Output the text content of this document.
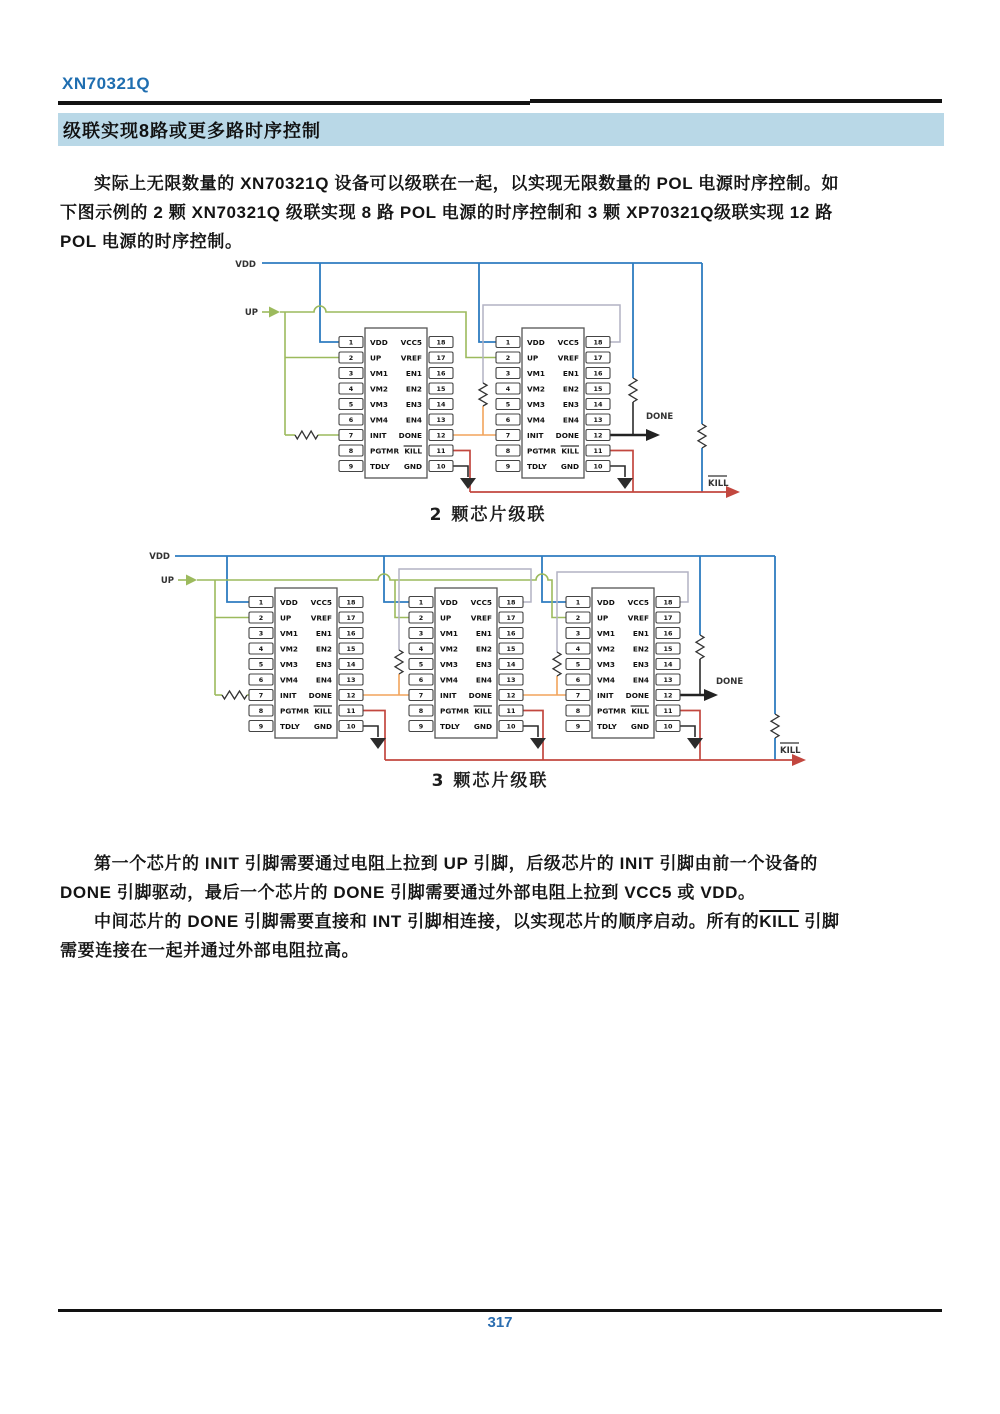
XN70321Q
级联实现8路或更多路时序控制
实际上无限数量的 XN70321Q 设备可以级联在一起，以实现无限数量的 POL 电源时序控制。如
下图示例的 2 颗 XN70321Q 级联实现 8 路 POL 电源的时序控制和 3 颗 XP70321Q级联实现 12 路
POL 电源的时序控制。
1 VDD	18
VCC5
2 UP	17
VREF
3 VM1	16
EN1
4 VM2	15
EN2
5 VM3	14
EN3
6 VM4	13
EN4
7 INIT	12
DONE
8 PGTMR	11
KILL
9 TDLY	10
GND
1 VDD	18
VCC5
2 UP	17
VREF
3 VM1	16
EN1
4 VM2	15
EN2
5 VM3	14
EN3
6 VM4	13
EN4
7 INIT	12
DONE
8 PGTMR	11
KILL
9 TDLY	10
GND
VDD
UP
DONE
KILL
2 颗芯片级联
1 VDD	18
VCC5
2 UP	17
VREF
3 VM1	16
EN1
4 VM2	15
EN2
5 VM3	14
EN3
6 VM4	13
EN4
7 INIT	12
DONE
8 PGTMR	11
KILL
9 TDLY	10
GND
1 VDD	18
VCC5
2 UP	17
VREF
3 VM1	16
EN1
4 VM2	15
EN2
5 VM3	14
EN3
6 VM4	13
EN4
7 INIT	12
DONE
8 PGTMR	11
KILL
9 TDLY	10
GND
1 VDD	18
VCC5
2 UP	17
VREF
3 VM1	16
EN1
4 VM2	15
EN2
5 VM3	14
EN3
6 VM4	13
EN4
7 INIT	12
DONE
8 PGTMR	11
KILL
9 TDLY	10
GND
VDD
UP
DONE
KILL
3 颗芯片级联
第一个芯片的 INIT 引脚需要通过电阻上拉到 UP 引脚，后级芯片的 INIT 引脚由前一个设备的
DONE 引脚驱动，最后一个芯片的 DONE 引脚需要通过外部电阻上拉到 VCC5 或 VDD。
中间芯片的 DONE 引脚需要直接和 INT 引脚相连接，以实现芯片的顺序启动。所有的KILL 引脚
需要连接在一起并通过外部电阻拉高。
317
